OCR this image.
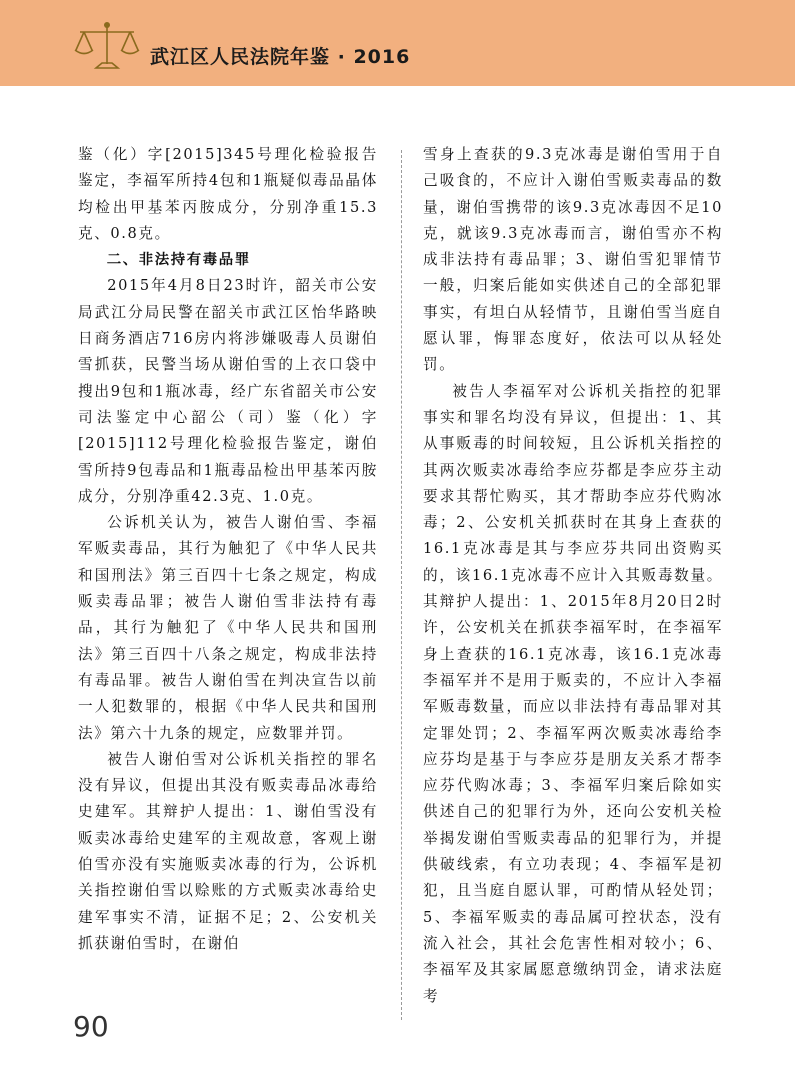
武江区人民法院年鉴 · 2016

鉴（化）字[2015]345号理化检验报告鉴定，李福军所持4包和1瓶疑似毒品晶体均检出甲基苯丙胺成分，分别净重15.3克、0.8克。

二、非法持有毒品罪

2015年4月8日23时许，韶关市公安局武江分局民警在韶关市武江区怡华路映日商务酒店716房内将涉嫌吸毒人员谢伯雪抓获，民警当场从谢伯雪的上衣口袋中搜出9包和1瓶冰毒，经广东省韶关市公安司法鉴定中心韶公（司）鉴（化）字[2015]112号理化检验报告鉴定，谢伯雪所持9包毒品和1瓶毒品检出甲基苯丙胺成分，分别净重42.3克、1.0克。

公诉机关认为，被告人谢伯雪、李福军贩卖毒品，其行为触犯了《中华人民共和国刑法》第三百四十七条之规定，构成贩卖毒品罪；被告人谢伯雪非法持有毒品，其行为触犯了《中华人民共和国刑法》第三百四十八条之规定，构成非法持有毒品罪。被告人谢伯雪在判决宣告以前一人犯数罪的，根据《中华人民共和国刑法》第六十九条的规定，应数罪并罚。

被告人谢伯雪对公诉机关指控的罪名没有异议，但提出其没有贩卖毒品冰毒给史建军。其辩护人提出：1、谢伯雪没有贩卖冰毒给史建军的主观故意，客观上谢伯雪亦没有实施贩卖冰毒的行为，公诉机关指控谢伯雪以赊账的方式贩卖冰毒给史建军事实不清，证据不足；2、公安机关抓获谢伯雪时，在谢伯

雪身上查获的9.3克冰毒是谢伯雪用于自己吸食的，不应计入谢伯雪贩卖毒品的数量，谢伯雪携带的该9.3克冰毒因不足10克，就该9.3克冰毒而言，谢伯雪亦不构成非法持有毒品罪；3、谢伯雪犯罪情节一般，归案后能如实供述自己的全部犯罪事实，有坦白从轻情节，且谢伯雪当庭自愿认罪，悔罪态度好，依法可以从轻处罚。

被告人李福军对公诉机关指控的犯罪事实和罪名均没有异议，但提出：1、其从事贩毒的时间较短，且公诉机关指控的其两次贩卖冰毒给李应芬都是李应芬主动要求其帮忙购买，其才帮助李应芬代购冰毒；2、公安机关抓获时在其身上查获的16.1克冰毒是其与李应芬共同出资购买的，该16.1克冰毒不应计入其贩毒数量。其辩护人提出：1、2015年8月20日2时许，公安机关在抓获李福军时，在李福军身上查获的16.1克冰毒，该16.1克冰毒李福军并不是用于贩卖的，不应计入李福军贩毒数量，而应以非法持有毒品罪对其定罪处罚；2、李福军两次贩卖冰毒给李应芬均是基于与李应芬是朋友关系才帮李应芬代购冰毒；3、李福军归案后除如实供述自己的犯罪行为外，还向公安机关检举揭发谢伯雪贩卖毒品的犯罪行为，并提供破线索，有立功表现；4、李福军是初犯，且当庭自愿认罪，可酌情从轻处罚；5、李福军贩卖的毒品属可控状态，没有流入社会，其社会危害性相对较小；6、李福军及其家属愿意缴纳罚金，请求法庭考

90
